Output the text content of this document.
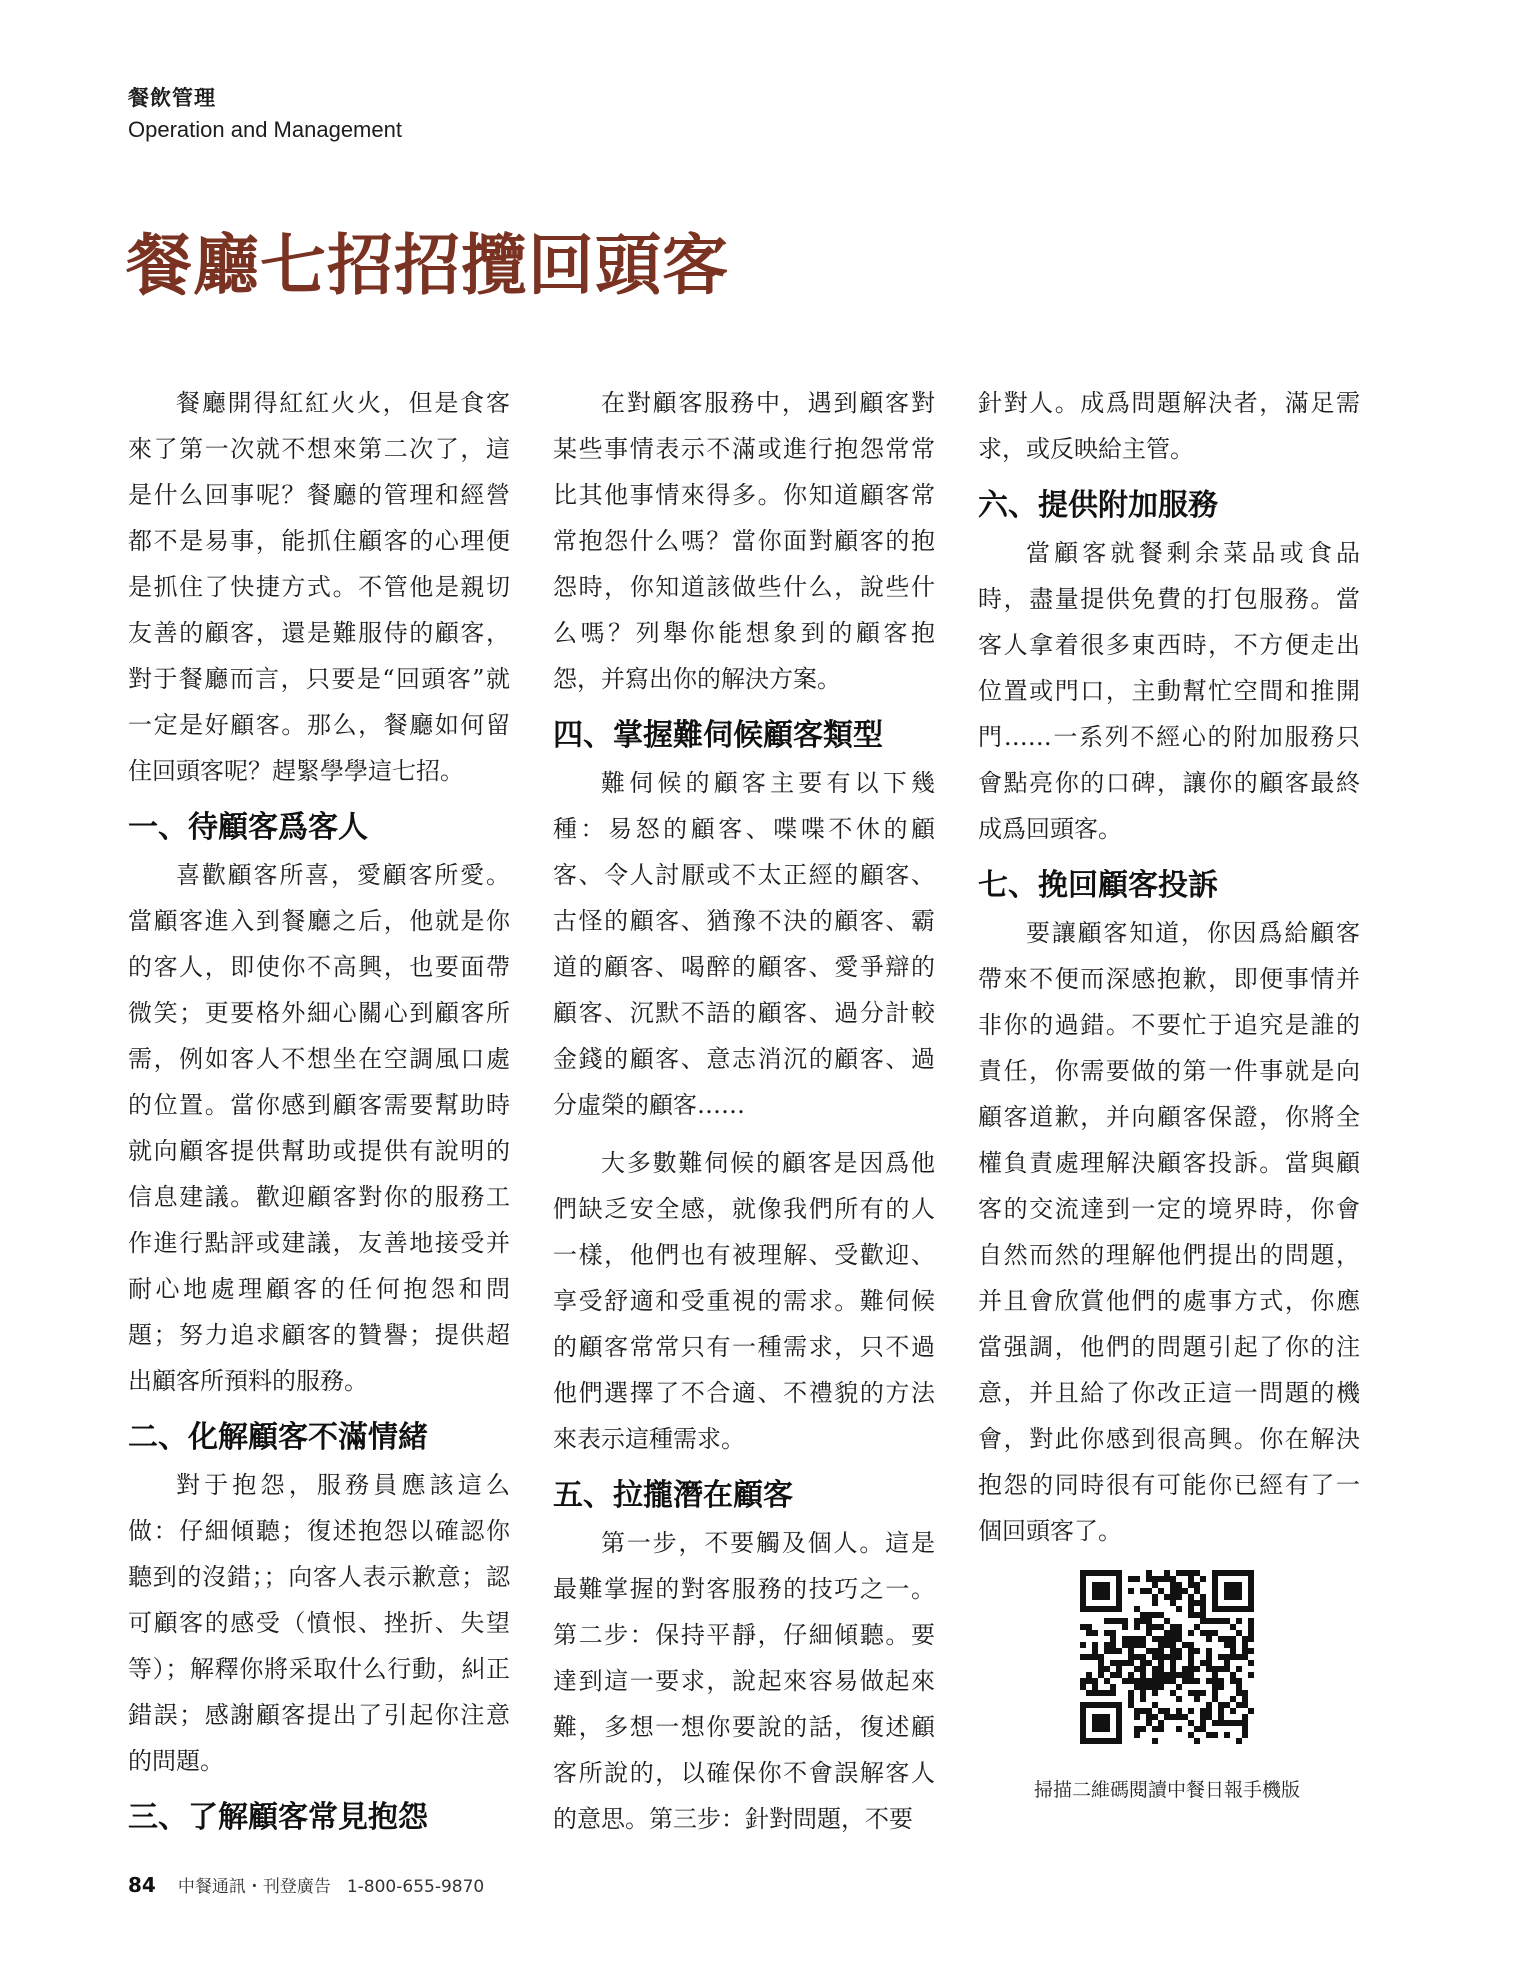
餐飲管理
Operation and Management
餐廳七招招攬回頭客

餐廳開得紅紅火火，但是食客來了第一次就不想來第二次了，這是什么回事呢？餐廳的管理和經營都不是易事，能抓住顧客的心理便是抓住了快捷方式。不管他是親切友善的顧客，還是難服侍的顧客，對于餐廳而言，只要是“回頭客”就一定是好顧客。那么，餐廳如何留住回頭客呢？趕緊學學這七招。

一、待顧客爲客人

喜歡顧客所喜，愛顧客所愛。當顧客進入到餐廳之后，他就是你的客人，即使你不高興，也要面帶微笑；更要格外細心關心到顧客所需，例如客人不想坐在空調風口處的位置。當你感到顧客需要幫助時就向顧客提供幫助或提供有說明的信息建議。歡迎顧客對你的服務工作進行點評或建議，友善地接受并耐心地處理顧客的任何抱怨和問題；努力追求顧客的贊譽；提供超出顧客所預料的服務。

二、化解顧客不滿情緒

對于抱怨，服務員應該這么做：仔細傾聽；復述抱怨以確認你聽到的沒錯；；向客人表示歉意；認可顧客的感受（憤恨、挫折、失望等）；解釋你將采取什么行動，糾正錯誤；感謝顧客提出了引起你注意的問題。

三、了解顧客常見抱怨

在對顧客服務中，遇到顧客對某些事情表示不滿或進行抱怨常常比其他事情來得多。你知道顧客常常抱怨什么嗎？當你面對顧客的抱怨時，你知道該做些什么，說些什么嗎？列舉你能想象到的顧客抱怨，并寫出你的解決方案。

四、掌握難伺候顧客類型

難伺候的顧客主要有以下幾種：易怒的顧客、喋喋不休的顧客、令人討厭或不太正經的顧客、古怪的顧客、猶豫不決的顧客、霸道的顧客、喝醉的顧客、愛爭辯的顧客、沉默不語的顧客、過分計較金錢的顧客、意志消沉的顧客、過分虛榮的顧客……

大多數難伺候的顧客是因爲他們缺乏安全感，就像我們所有的人一樣，他們也有被理解、受歡迎、享受舒適和受重視的需求。難伺候的顧客常常只有一種需求，只不過他們選擇了不合適、不禮貌的方法來表示這種需求。

五、拉攏潛在顧客

第一步，不要觸及個人。這是最難掌握的對客服務的技巧之一。第二步：保持平靜，仔細傾聽。要達到這一要求，說起來容易做起來難，多想一想你要說的話，復述顧客所說的，以確保你不會誤解客人的意思。第三步：針對問題，不要

針對人。成爲問題解決者，滿足需求，或反映給主管。

六、提供附加服務

當顧客就餐剩余菜品或食品時，盡量提供免費的打包服務。當客人拿着很多東西時，不方便走出位置或門口，主動幫忙空間和推開門……一系列不經心的附加服務只會點亮你的口碑，讓你的顧客最終成爲回頭客。

七、挽回顧客投訴

要讓顧客知道，你因爲給顧客帶來不便而深感抱歉，即便事情并非你的過錯。不要忙于追究是誰的責任，你需要做的第一件事就是向顧客道歉，并向顧客保證，你將全權負責處理解決顧客投訴。當與顧客的交流達到一定的境界時，你會自然而然的理解他們提出的問題，并且會欣賞他們的處事方式，你應當强調，他們的問題引起了你的注意，并且給了你改正這一問題的機會，對此你感到很高興。你在解決抱怨的同時很有可能你已經有了一個回頭客了。

掃描二維碼閱讀中餐日報手機版
84 中餐通訊・刊登廣告 1-800-655-9870
